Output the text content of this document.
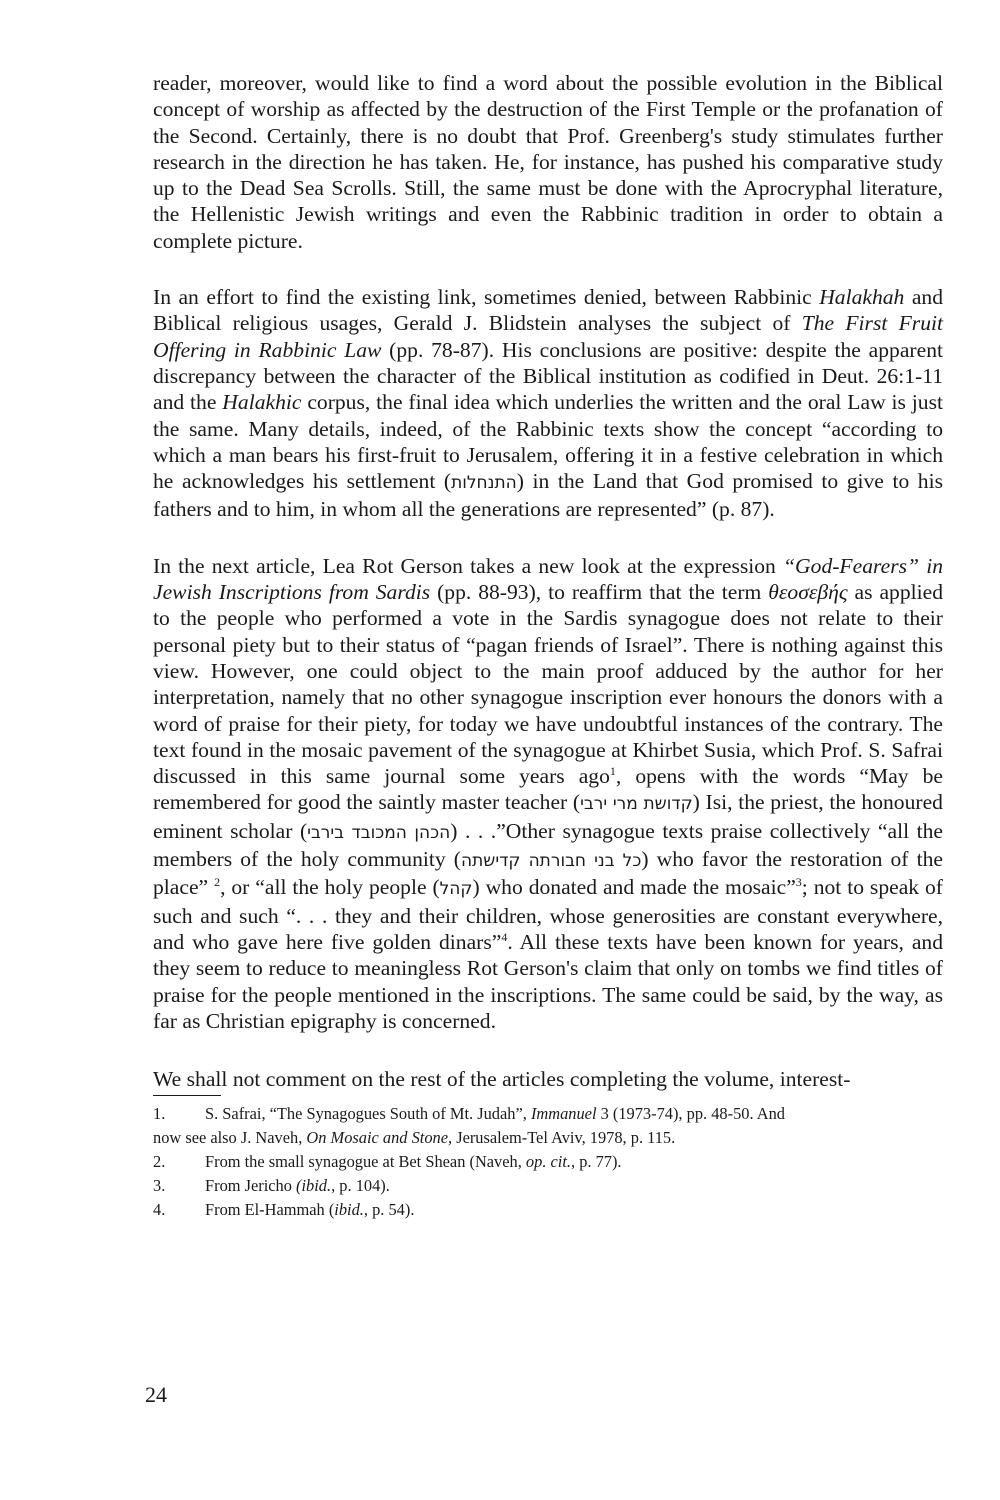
reader, moreover, would like to find a word about the possible evolution in the Biblical concept of worship as affected by the destruction of the First Temple or the profanation of the Second. Certainly, there is no doubt that Prof. Greenberg's study stimulates further research in the direction he has taken. He, for instance, has pushed his comparative study up to the Dead Sea Scrolls. Still, the same must be done with the Aprocryphal literature, the Hellenistic Jewish writings and even the Rabbinic tradition in order to obtain a complete picture.

In an effort to find the existing link, sometimes denied, between Rabbinic Halakhah and Biblical religious usages, Gerald J. Blidstein analyses the subject of The First Fruit Offering in Rabbinic Law (pp. 78-87). His conclusions are positive: despite the apparent discrepancy between the character of the Biblical institution as codified in Deut. 26:1-11 and the Halakhic corpus, the final idea which underlies the written and the oral Law is just the same. Many details, indeed, of the Rabbinic texts show the concept “according to which a man bears his first-fruit to Jerusalem, offering it in a festive celebration in which he acknowledges his settlement (התנחלות) in the Land that God promised to give to his fathers and to him, in whom all the generations are represented” (p. 87).

In the next article, Lea Rot Gerson takes a new look at the expression “God-Fearers” in Jewish Inscriptions from Sardis (pp. 88-93), to reaffirm that the term θεοσεβής as applied to the people who performed a vote in the Sardis synagogue does not relate to their personal piety but to their status of “pagan friends of Israel”. There is nothing against this view. However, one could object to the main proof adduced by the author for her interpretation, namely that no other synagogue inscription ever honours the donors with a word of praise for their piety, for today we have undoubtful instances of the contrary. The text found in the mosaic pavement of the synagogue at Khirbet Susia, which Prof. S. Safrai discussed in this same journal some years ago$^1$, opens with the words “May be remembered for good the saintly master teacher (קדושת מרי ירבי) Isi, the priest, the honoured eminent scholar (הכהן המכובד בירבי) . . .”Other synagogue texts praise collectively “all the members of the holy community (כל בני חבורתה קדישתה) who favor the restoration of the place” $^2$, or “all the holy people (קהל) who donated and made the mosaic”$^3$; not to speak of such and such “. . . they and their children, whose generosities are constant everywhere, and who gave here five golden dinars”$^4$. All these texts have been known for years, and they seem to reduce to meaningless Rot Gerson's claim that only on tombs we find titles of praise for the people mentioned in the inscriptions. The same could be said, by the way, as far as Christian epigraphy is concerned.

We shall not comment on the rest of the articles completing the volume, interest-

1.	S. Safrai, “The Synagogues South of Mt. Judah”, Immanuel 3 (1973-74), pp. 48-50. And
now see also J. Naveh, On Mosaic and Stone, Jerusalem-Tel Aviv, 1978, p. 115.
2.	From the small synagogue at Bet Shean (Naveh, op. cit., p. 77).
3.	From Jericho (ibid., p. 104).
4.	From El-Hammah (ibid., p. 54).
24
